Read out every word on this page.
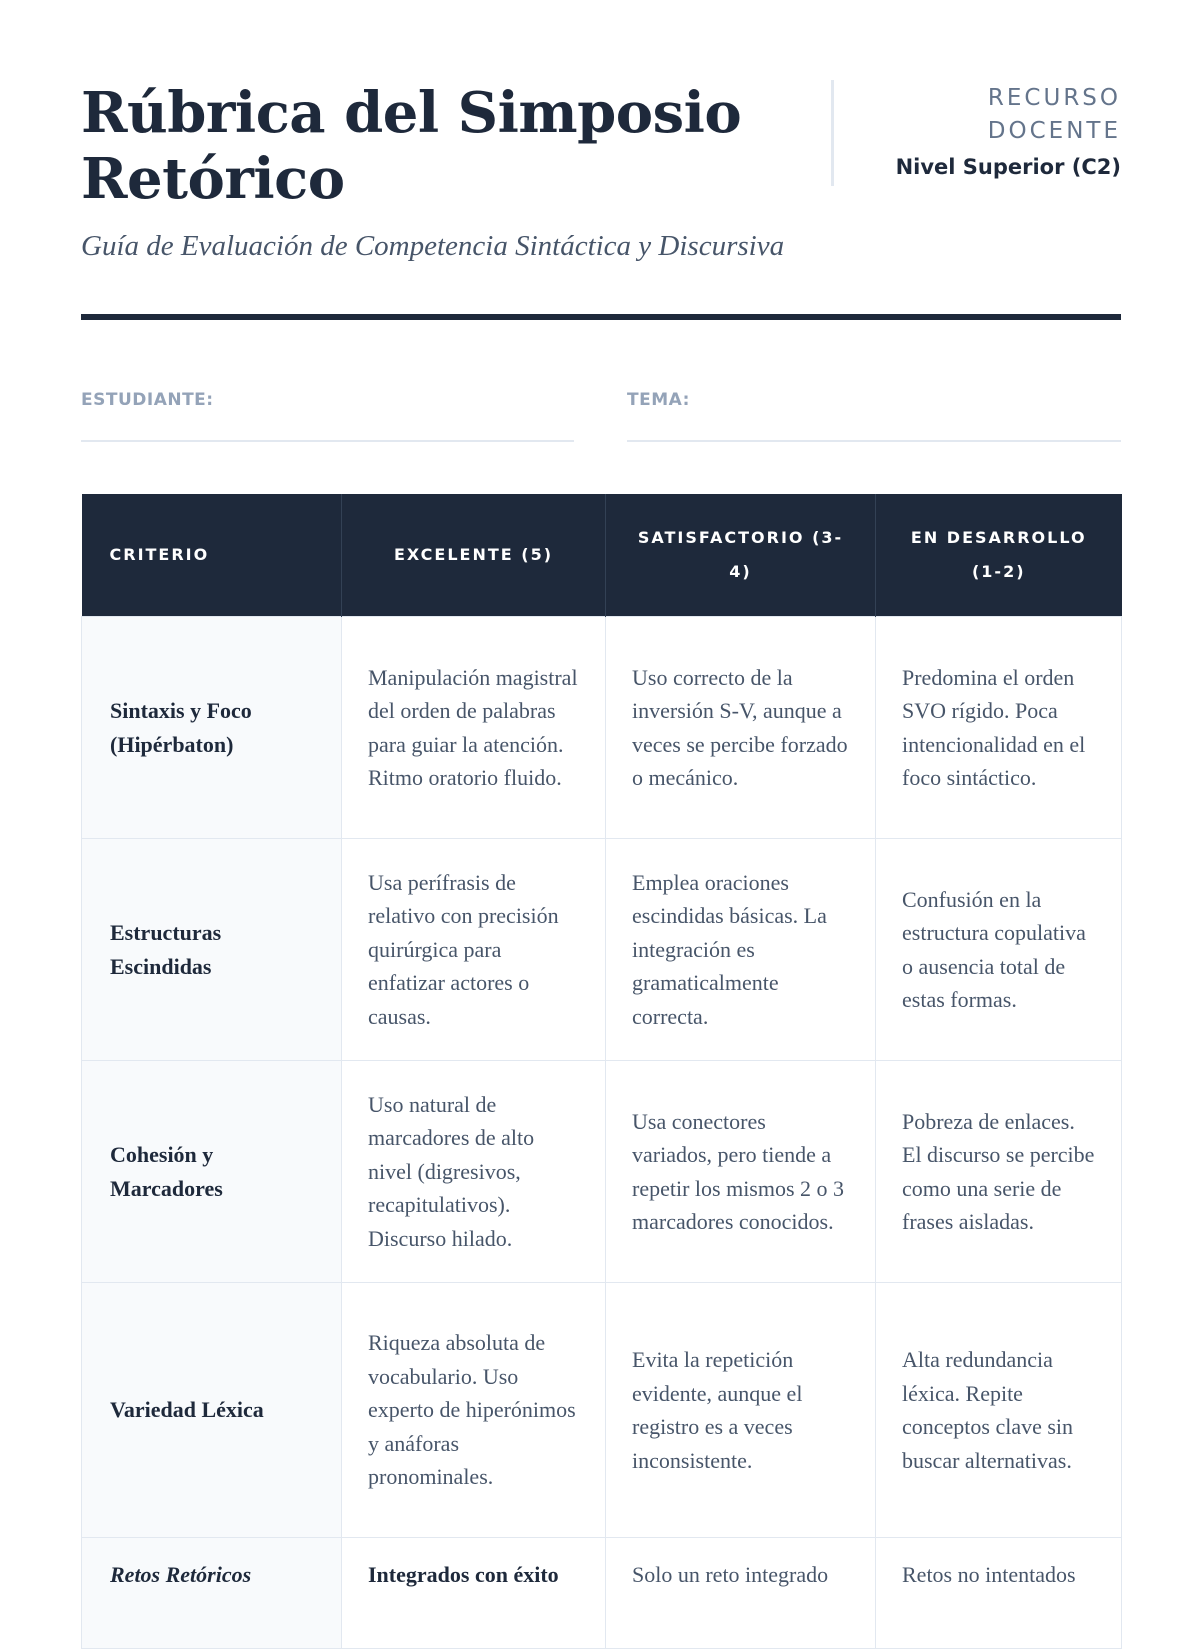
Rúbrica del Simposio Retórico

Guía de Evaluación de Competencia Sintáctica y Discursiva

RECURSO DOCENTE
Nivel Superior (C2)
ESTUDIANTE:	TEMA:
CRITERIO	EXCELENTE (5)	SATISFACTORIO (3-4)	EN DESARROLLO (1-2)
Sintaxis y Foco (Hipérbaton)	Manipulación magistral del orden de palabras para guiar la atención. Ritmo oratorio fluido.	Uso correcto de la inversión S-V, aunque a veces se percibe forzado o mecánico.	Predomina el orden SVO rígido. Poca intencionalidad en el foco sintáctico.
Estructuras Escindidas	Usa perífrasis de relativo con precisión quirúrgica para enfatizar actores o causas.	Emplea oraciones escindidas básicas. La integración es gramaticalmente correcta.	Confusión en la estructura copulativa o ausencia total de estas formas.
Cohesión y Marcadores	Uso natural de marcadores de alto nivel (digresivos, recapitulativos). Discurso hilado.	Usa conectores variados, pero tiende a repetir los mismos 2 o 3 marcadores conocidos.	Pobreza de enlaces. El discurso se percibe como una serie de frases aisladas.
Variedad Léxica	Riqueza absoluta de vocabulario. Uso experto de hiperónimos y anáforas pronominales.	Evita la repetición evidente, aunque el registro es a veces inconsistente.	Alta redundancia léxica. Repite conceptos clave sin buscar alternativas.
Retos Retóricos	Integrados con éxito	Solo un reto integrado	Retos no intentados
